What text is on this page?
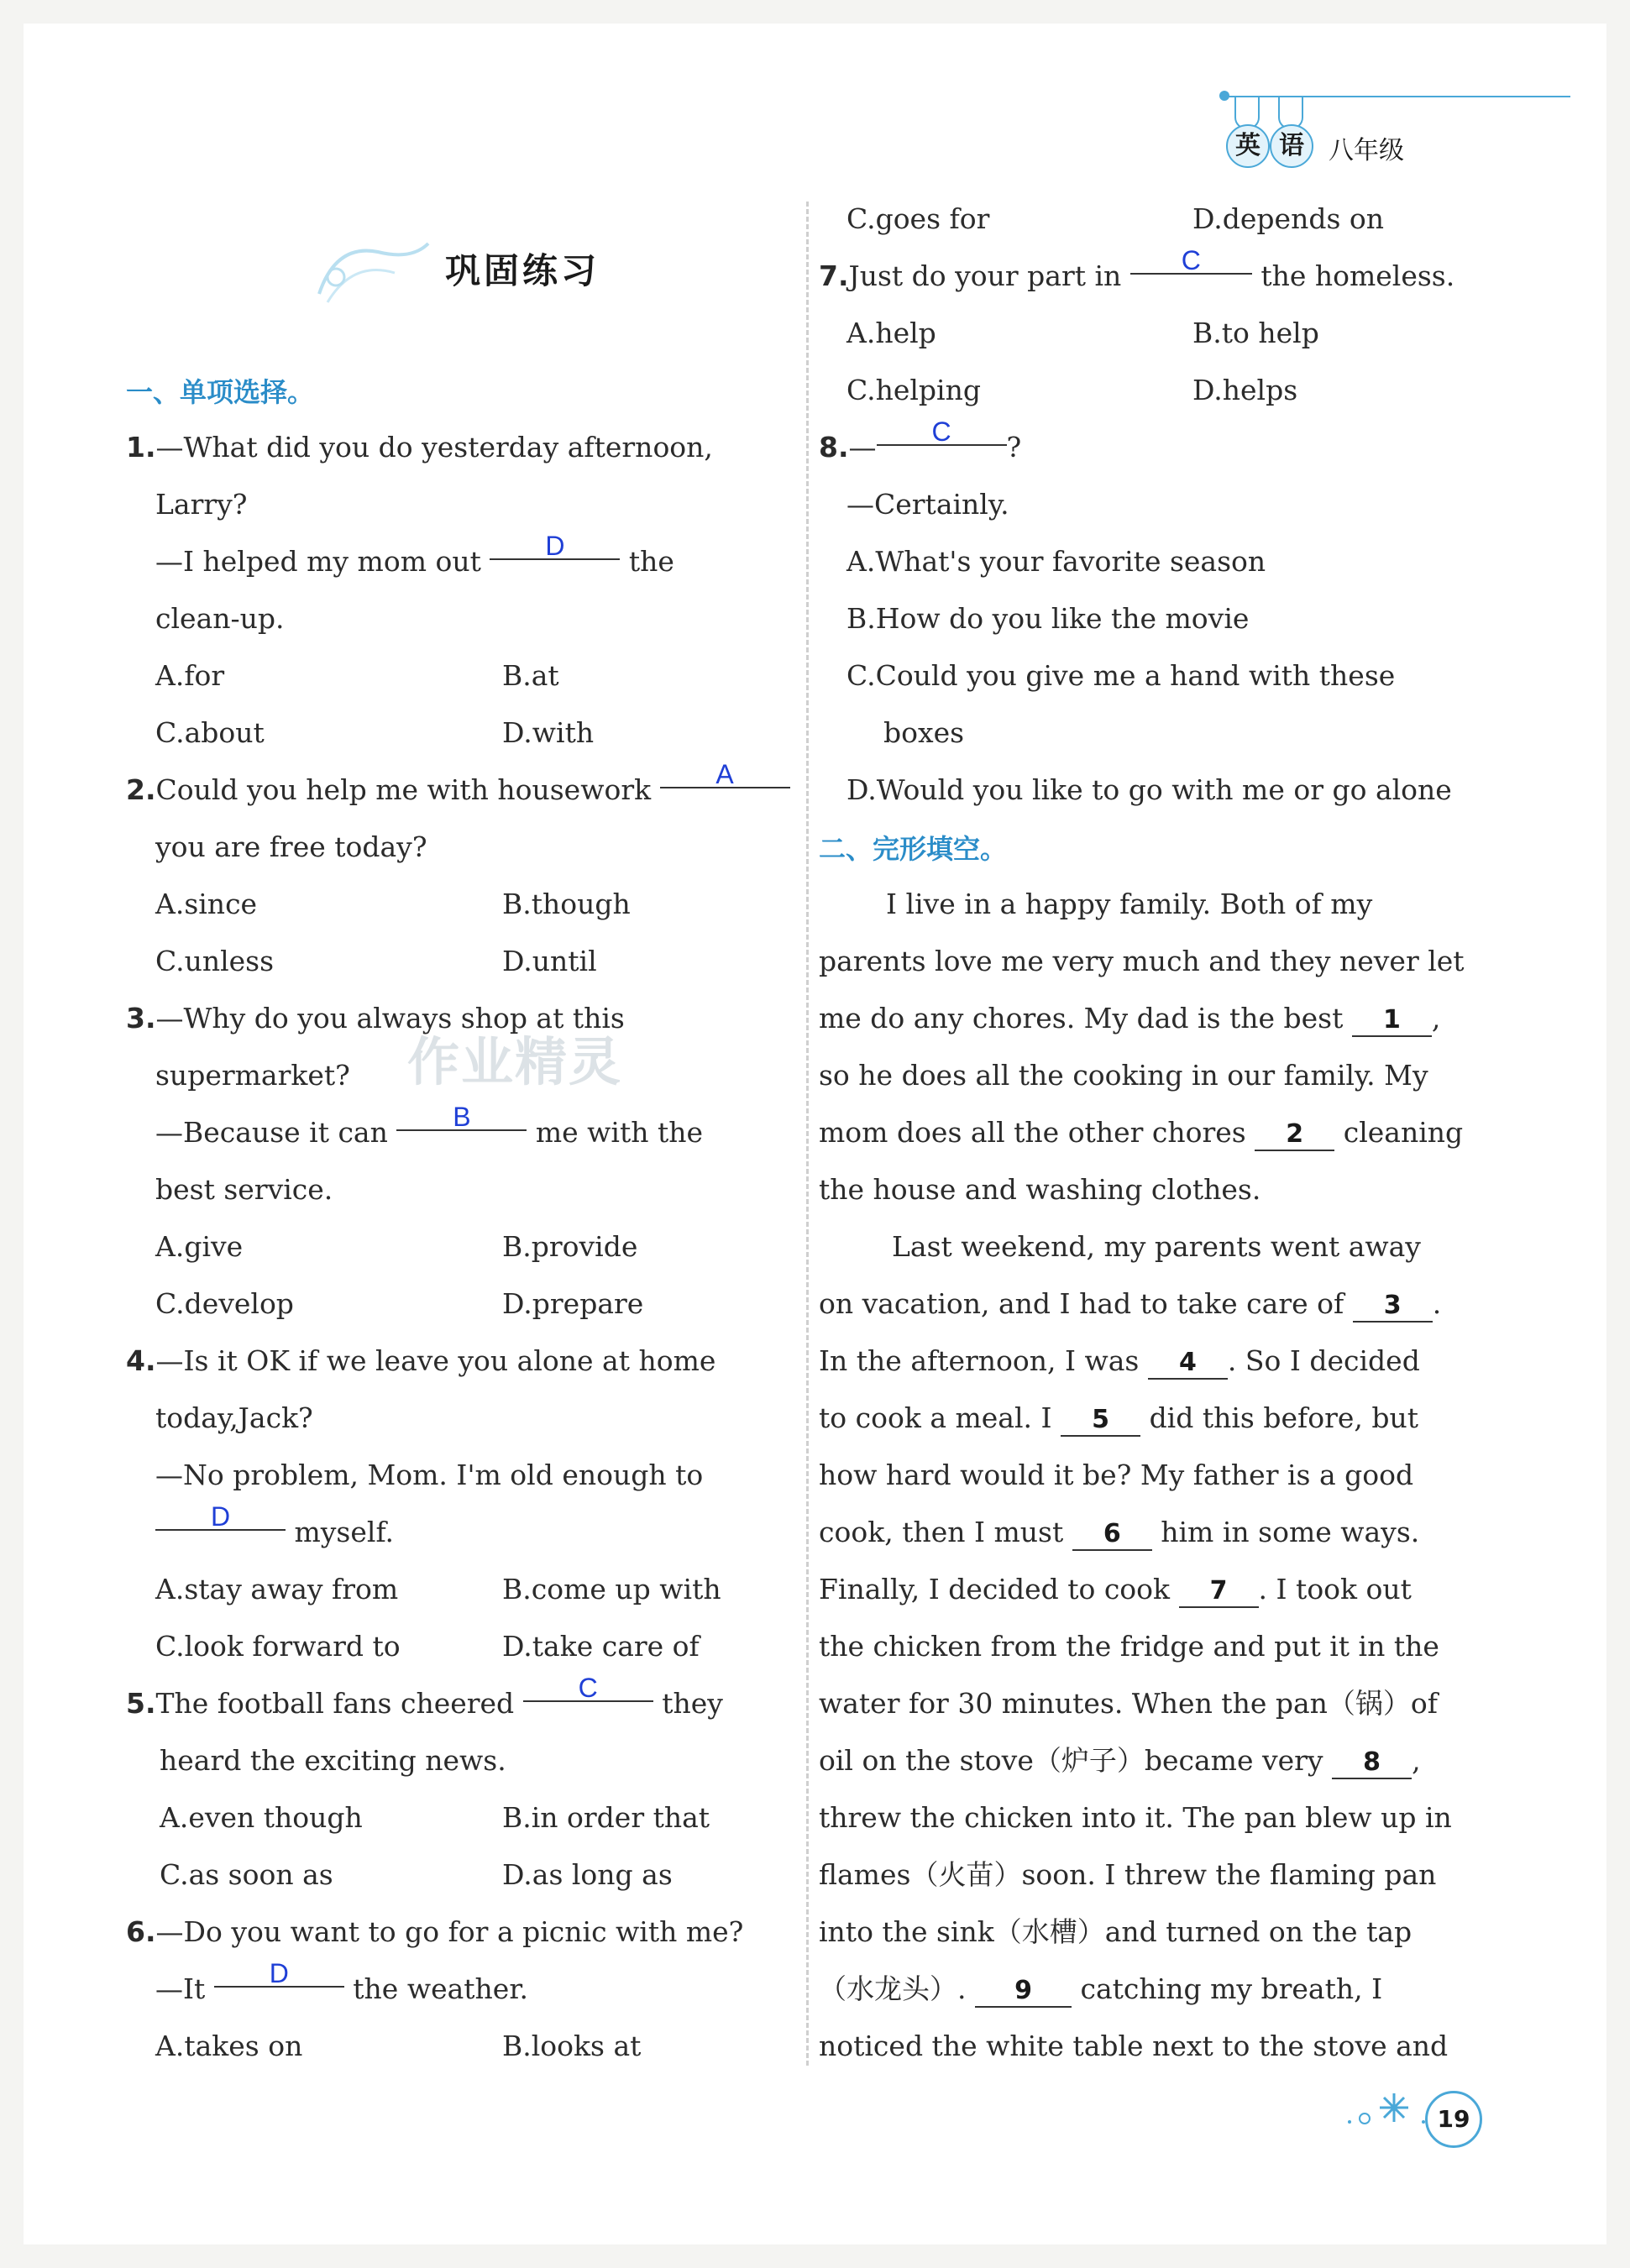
英 语 八年级
巩固练习
作业精灵
一、单项选择。
1.—What did you do yesterday afternoon,
Larry?
—I helped my mom out D the
clean-up.
A.for	B.at
C.about	D.with
2.Could you help me with housework A
you are free today?
A.since	B.though
C.unless	D.until
3.—Why do you always shop at this
supermarket?
—Because it can B me with the
best service.
A.give	B.provide
C.develop	D.prepare
4.—Is it OK if we leave you alone at home
today,Jack?
—No problem, Mom. I'm old enough to
D myself.
A.stay away from	B.come up with
C.look forward to	D.take care of
5.The football fans cheered C they
heard the exciting news.
A.even though	B.in order that
C.as soon as	D.as long as
6.—Do you want to go for a picnic with me?
—It D the weather.
A.takes on	B.looks at
C.goes for	D.depends on
7.Just do your part in C the homeless.
A.help	B.to help
C.helping	D.helps
8.— C ?
—Certainly.
A.What's your favorite season
B.How do you like the movie
C.Could you give me a hand with these
boxes
D.Would you like to go with me or go alone
二、完形填空。
I live in a happy family. Both of my
parents love me very much and they never let
me do any chores. My dad is the best 1 ,
so he does all the cooking in our family. My
mom does all the other chores 2 cleaning
the house and washing clothes.
Last weekend, my parents went away
on vacation, and I had to take care of 3 .
In the afternoon, I was 4 . So I decided
to cook a meal. I 5 did this before, but
how hard would it be? My father is a good
cook, then I must 6 him in some ways.
Finally, I decided to cook 7 . I took out
the chicken from the fridge and put it in the
water for 30 minutes. When the pan（锅）of
oil on the stove（炉子）became very 8 ,
threw the chicken into it. The pan blew up in
flames（火苗）soon. I threw the flaming pan
into the sink（水槽）and turned on the tap
（水龙头）. 9 catching my breath, I
noticed the white table next to the stove and
19
